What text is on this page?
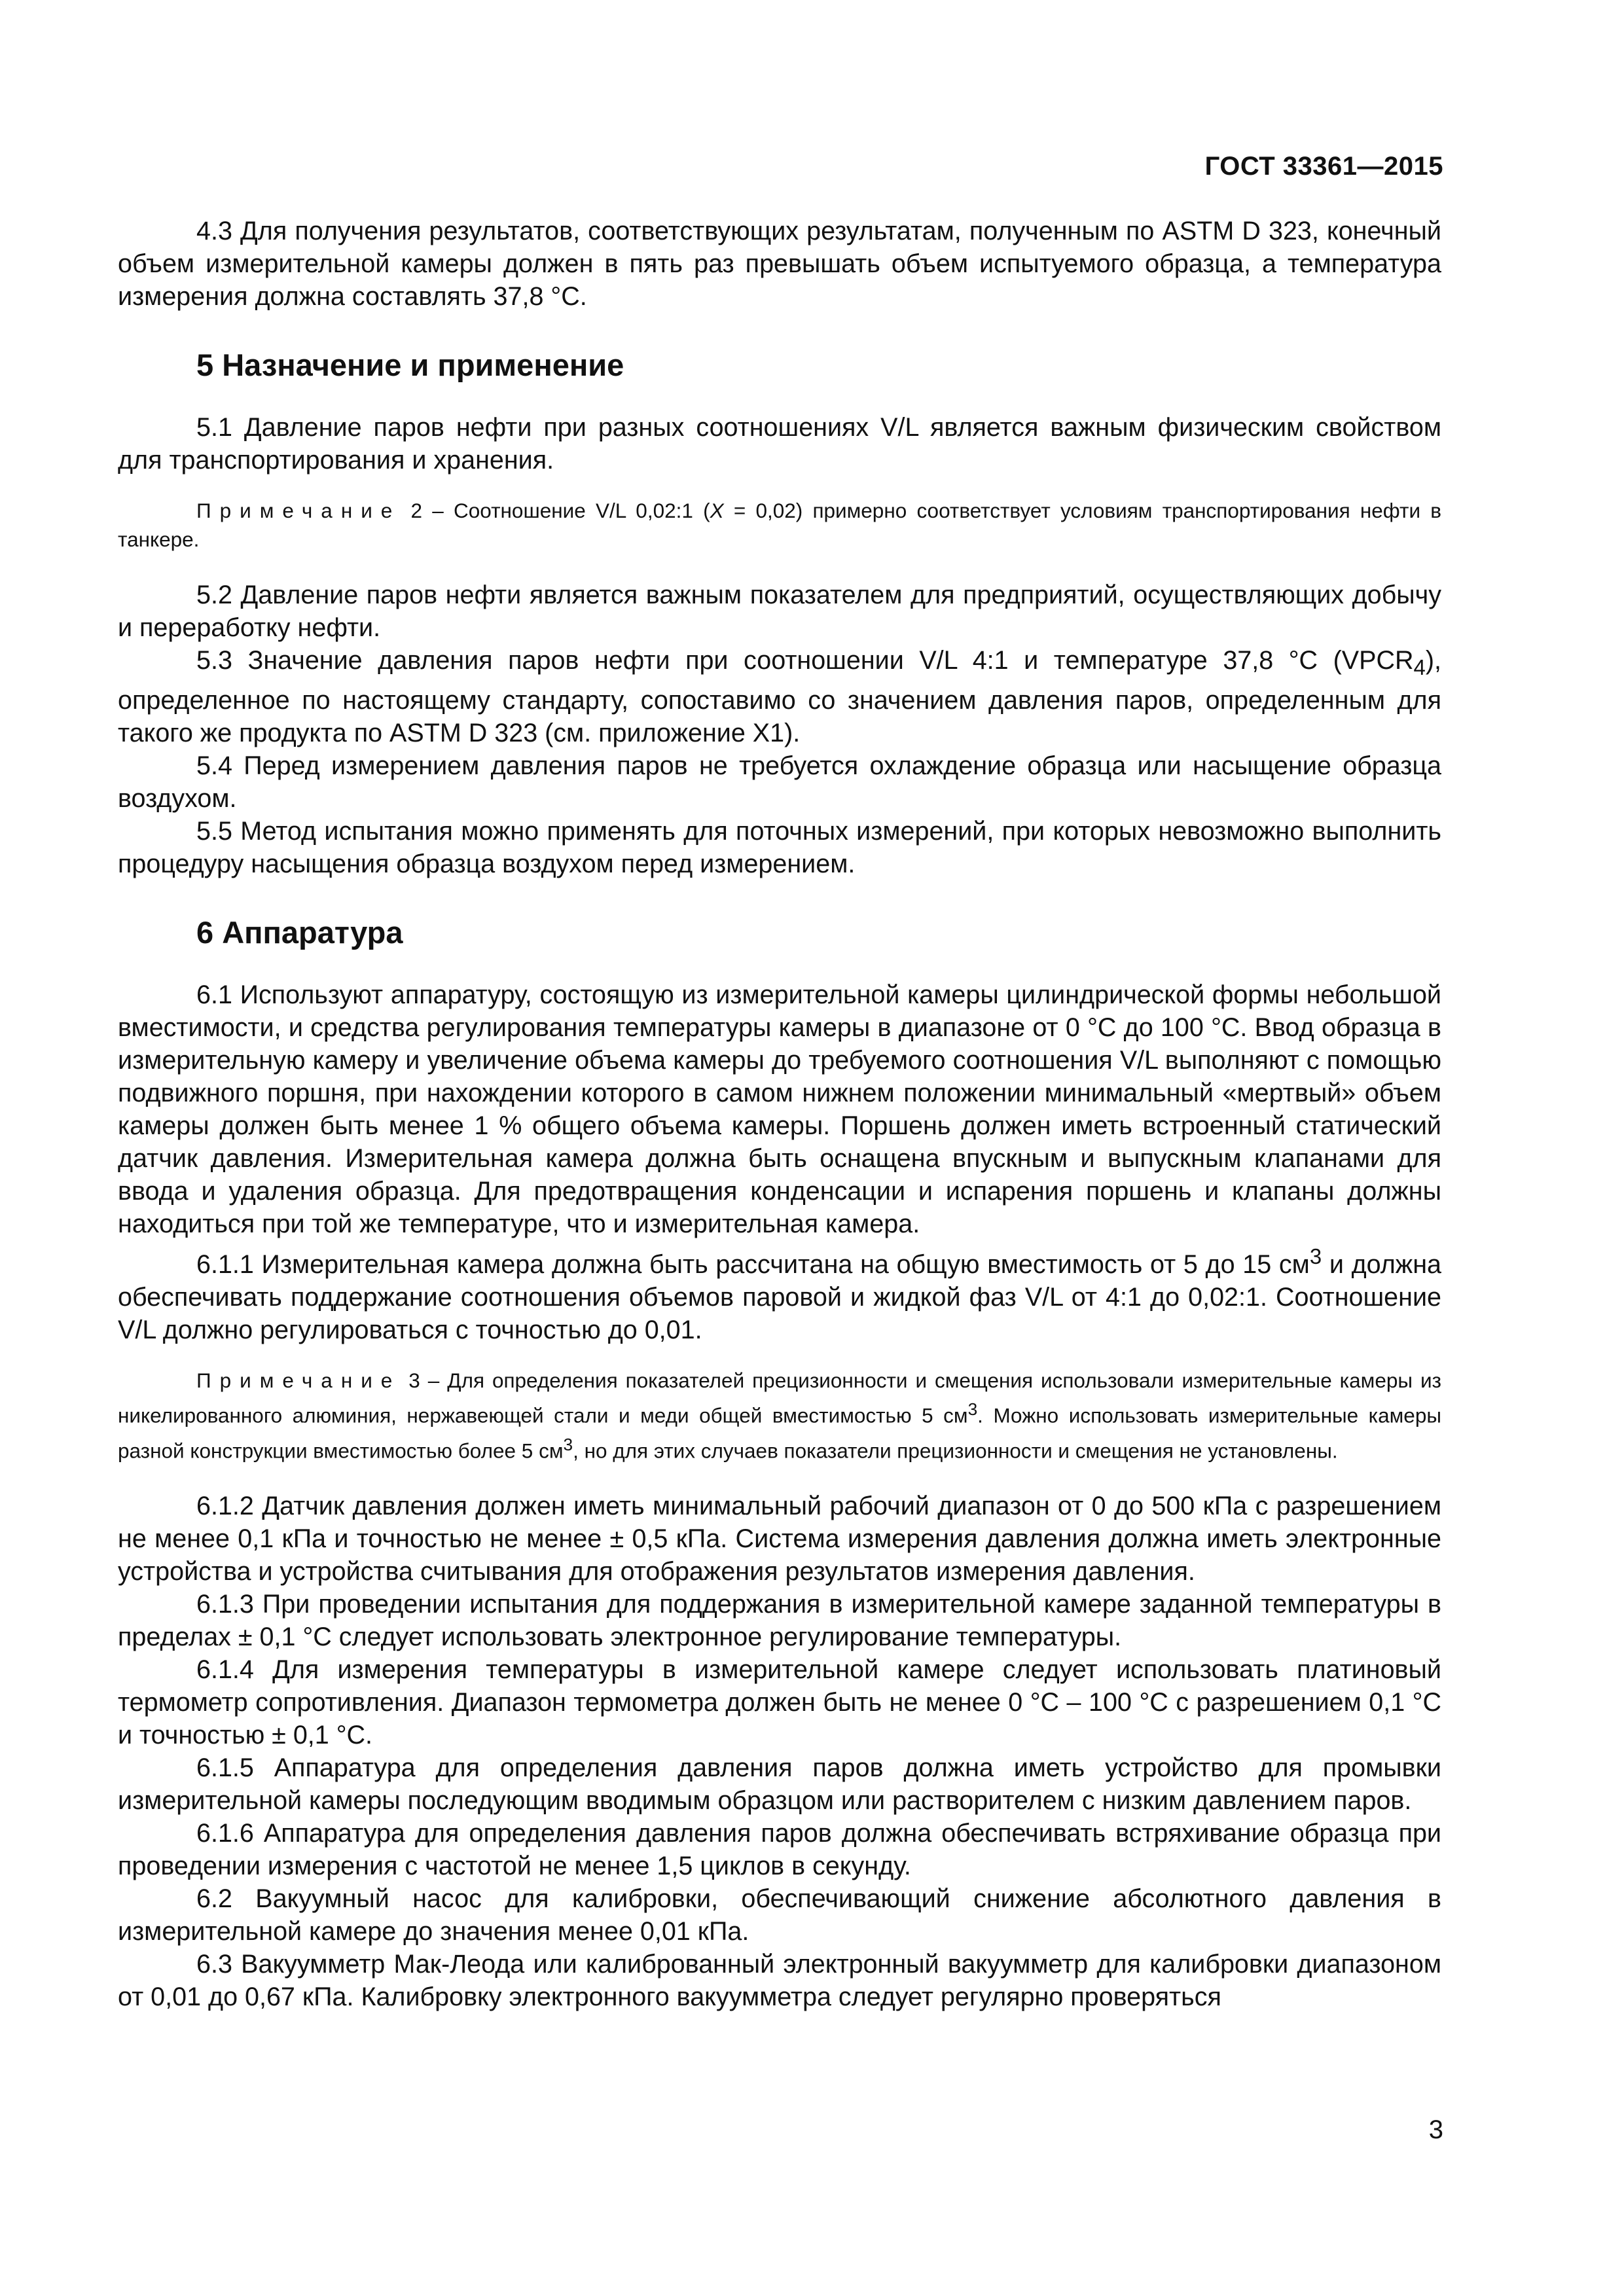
ГОСТ 33361—2015

4.3 Для получения результатов, соответствующих результатам, полученным по ASTM D 323, конечный объем измерительной камеры должен в пять раз превышать объем испытуемого образца, а температура измерения должна составлять 37,8 °С.

5 Назначение и применение

5.1 Давление паров нефти при разных соотношениях V/L является важным физическим свойством для транспортирования и хранения.

Примечание 2 – Соотношение V/L 0,02:1 (X = 0,02) примерно соответствует условиям транспортирования нефти в танкере.

5.2 Давление паров нефти является важным показателем для предприятий, осуществляющих добычу и переработку нефти.

5.3 Значение давления паров нефти при соотношении V/L 4:1 и температуре 37,8 °С $(VPCR_4)$, определенное по настоящему стандарту, сопоставимо со значением давления паров, определенным для такого же продукта по ASTM D 323 (см. приложение Х1).

5.4 Перед измерением давления паров не требуется охлаждение образца или насыщение образца воздухом.

5.5 Метод испытания можно применять для поточных измерений, при которых невозможно выполнить процедуру насыщения образца воздухом перед измерением.

6 Аппаратура

6.1 Используют аппаратуру, состоящую из измерительной камеры цилиндрической формы небольшой вместимости, и средства регулирования температуры камеры в диапазоне от 0 °С до 100 °С. Ввод образца в измерительную камеру и увеличение объема камеры до требуемого соотношения V/L выполняют с помощью подвижного поршня, при нахождении которого в самом нижнем положении минимальный «мертвый» объем камеры должен быть менее 1 % общего объема камеры. Поршень должен иметь встроенный статический датчик давления. Измерительная камера должна быть оснащена впускным и выпускным клапанами для ввода и удаления образца. Для предотвращения конденсации и испарения поршень и клапаны должны находиться при той же температуре, что и измерительная камера.

6.1.1 Измерительная камера должна быть рассчитана на общую вместимость от 5 до 15 $см^3$ и должна обеспечивать поддержание соотношения объемов паровой и жидкой фаз V/L от 4:1 до 0,02:1. Соотношение V/L должно регулироваться с точностью до 0,01.

Примечание 3 – Для определения показателей прецизионности и смещения использовали измерительные камеры из никелированного алюминия, нержавеющей стали и меди общей вместимостью 5 $см^3$. Можно использовать измерительные камеры разной конструкции вместимостью более 5 $см^3$, но для этих случаев показатели прецизионности и смещения не установлены.

6.1.2 Датчик давления должен иметь минимальный рабочий диапазон от 0 до 500 кПа с разрешением не менее 0,1 кПа и точностью не менее ± 0,5 кПа. Система измерения давления должна иметь электронные устройства и устройства считывания для отображения результатов измерения давления.

6.1.3 При проведении испытания для поддержания в измерительной камере заданной температуры в пределах ± 0,1 °С следует использовать электронное регулирование температуры.

6.1.4 Для измерения температуры в измерительной камере следует использовать платиновый термометр сопротивления. Диапазон термометра должен быть не менее 0 °С – 100 °С с разрешением 0,1 °С и точностью ± 0,1 °С.

6.1.5 Аппаратура для определения давления паров должна иметь устройство для промывки измерительной камеры последующим вводимым образцом или растворителем с низким давлением паров.

6.1.6 Аппаратура для определения давления паров должна обеспечивать встряхивание образца при проведении измерения с частотой не менее 1,5 циклов в секунду.

6.2 Вакуумный насос для калибровки, обеспечивающий снижение абсолютного давления в измерительной камере до значения менее 0,01 кПа.

6.3 Вакуумметр Мак-Леода или калиброванный электронный вакуумметр для калибровки диапазоном от 0,01 до 0,67 кПа. Калибровку электронного вакуумметра следует регулярно проверяться

3
